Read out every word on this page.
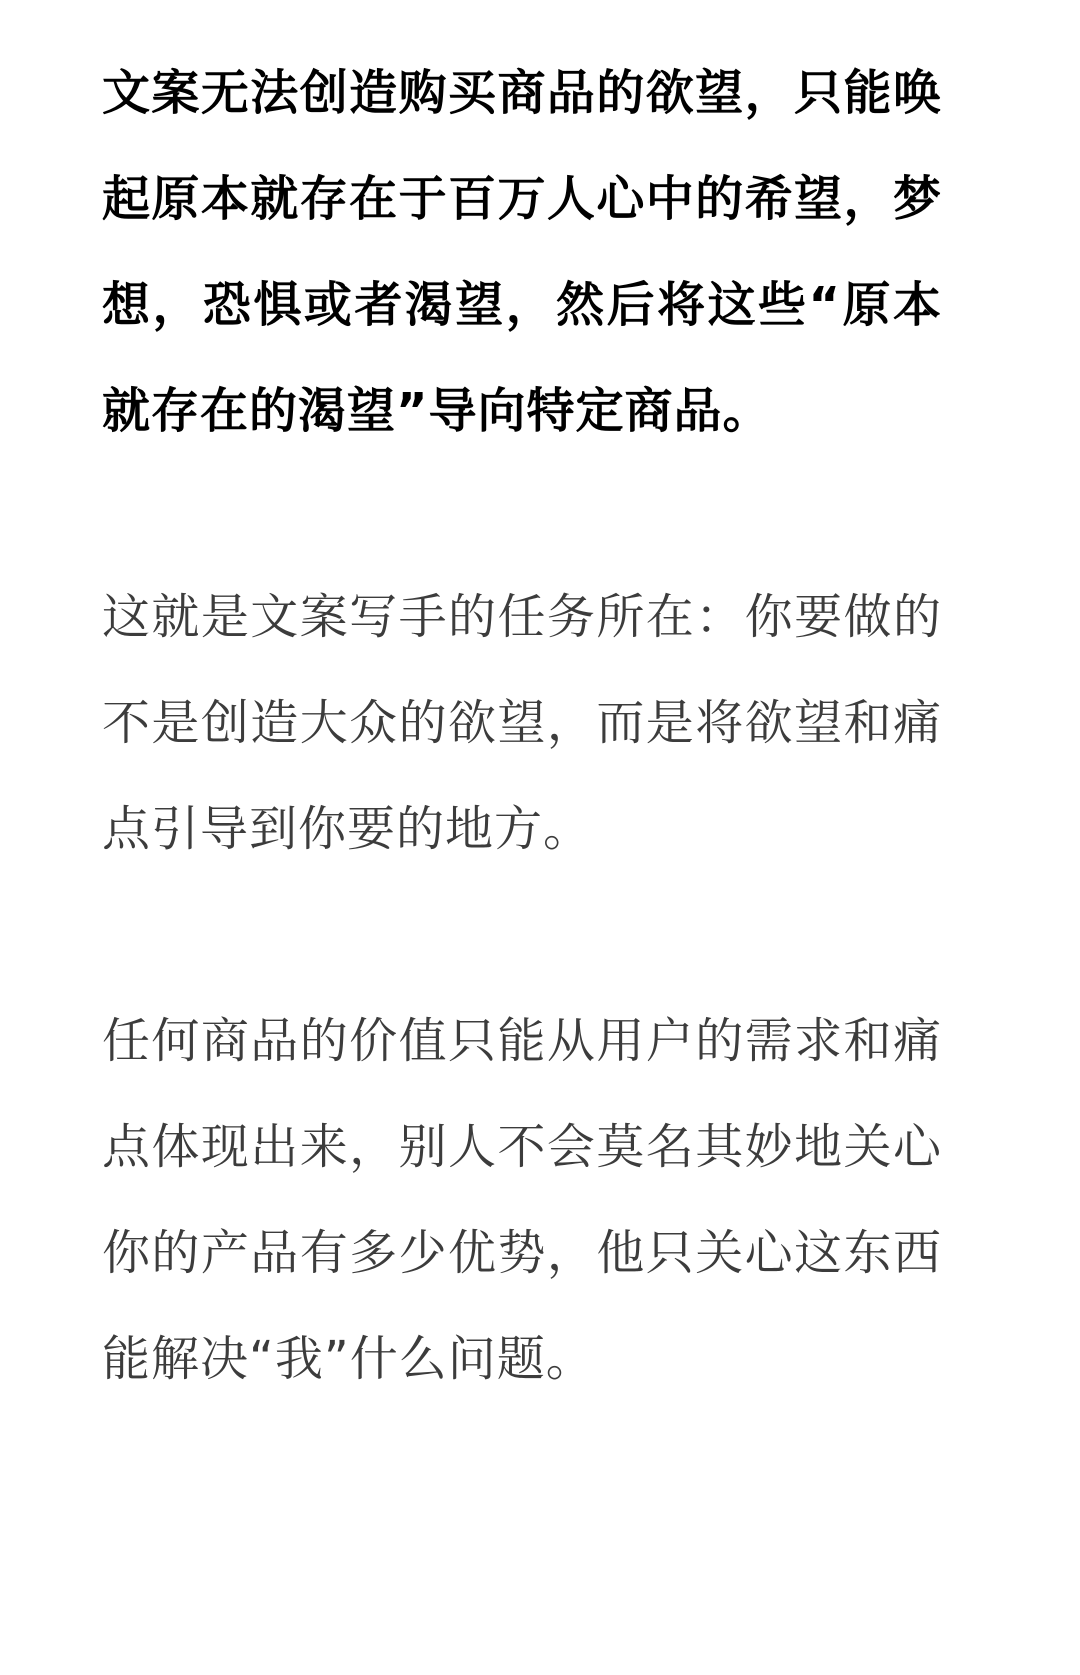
文案无法创造购买商品的欲望，只能唤起原本就存在于百万人心中的希望，梦想，恐惧或者渴望，然后将这些“原本就存在的渴望”导向特定商品。

这就是文案写手的任务所在：你要做的不是创造大众的欲望，而是将欲望和痛点引导到你要的地方。

任何商品的价值只能从用户的需求和痛点体现出来，别人不会莫名其妙地关心你的产品有多少优势，他只关心这东西能解决“我”什么问题。
